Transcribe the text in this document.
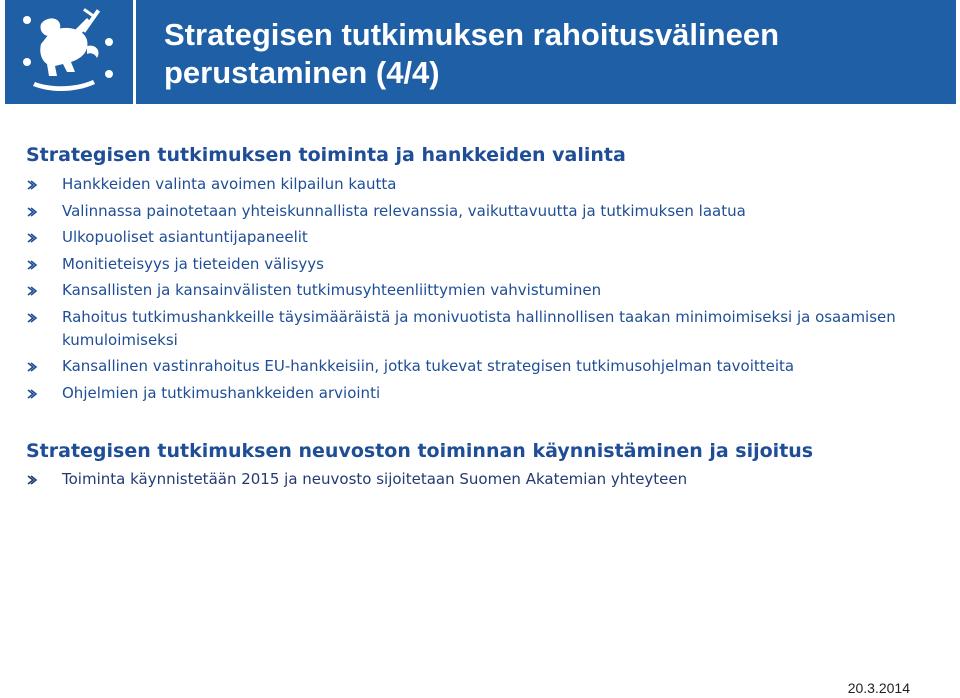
Strategisen tutkimuksen rahoitusvälineen
perustaminen (4/4)
Strategisen tutkimuksen toiminta ja hankkeiden valinta
Hankkeiden valinta avoimen kilpailun kautta
Valinnassa painotetaan yhteiskunnallista relevanssia, vaikuttavuutta ja tutkimuksen laatua
Ulkopuoliset asiantuntijapaneelit
Monitieteisyys ja tieteiden välisyys
Kansallisten ja kansainvälisten tutkimusyhteenliittymien vahvistuminen
Rahoitus tutkimushankkeille täysimääräistä ja monivuotista hallinnollisen taakan minimoimiseksi ja osaamisen kumuloimiseksi
Kansallinen vastinrahoitus EU-hankkeisiin, jotka tukevat strategisen tutkimusohjelman tavoitteita
Ohjelmien ja tutkimushankkeiden arviointi
Strategisen tutkimuksen neuvoston toiminnan käynnistäminen ja sijoitus
Toiminta käynnistetään 2015 ja neuvosto sijoitetaan Suomen Akatemian yhteyteen
20.3.2014
